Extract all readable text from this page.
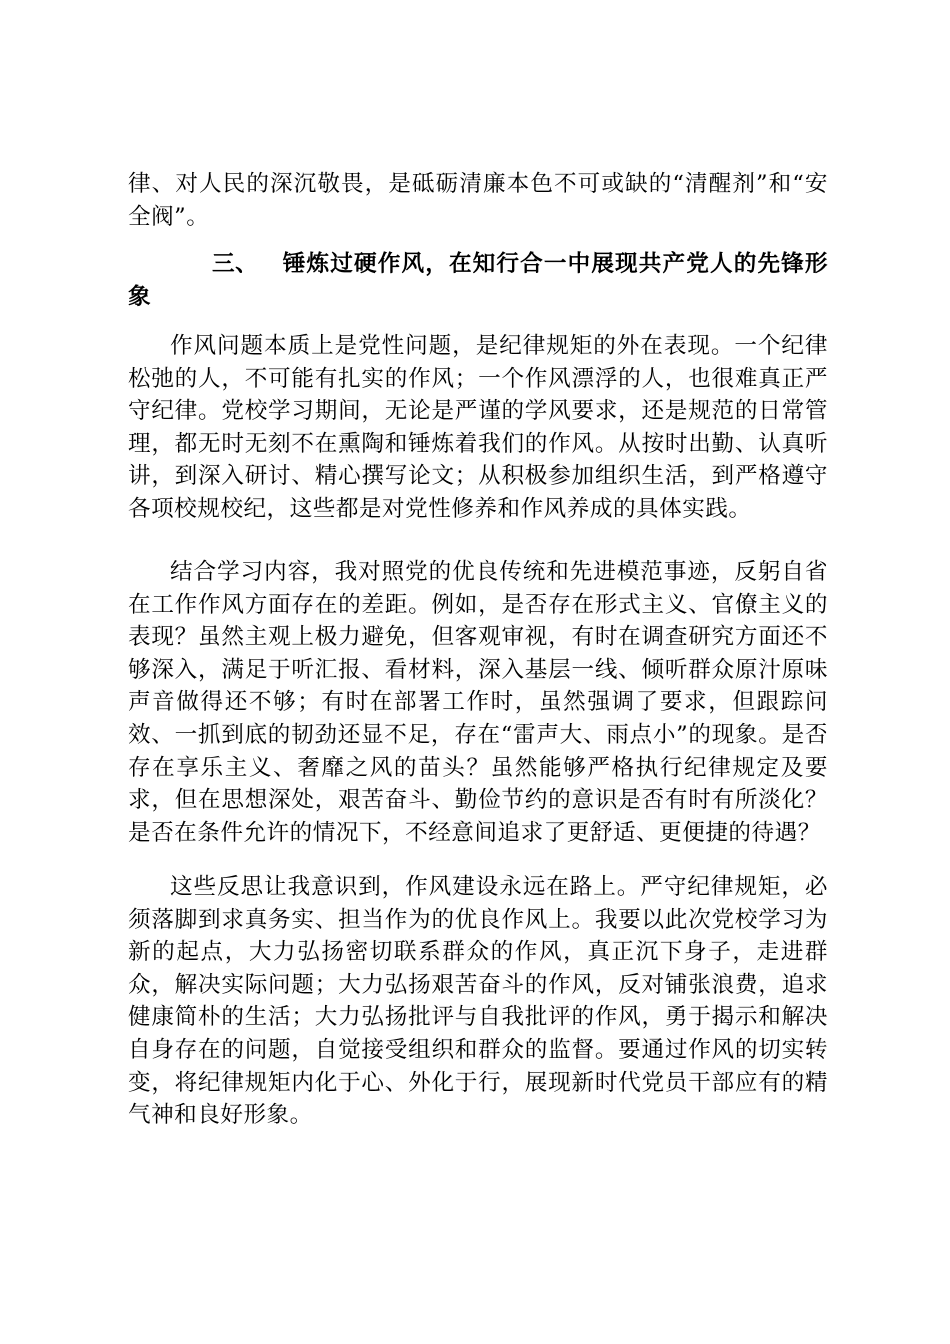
律、对人民的深沉敬畏，是砥砺清廉本色不可或缺的“清醒剂”和“安全阀”。

三、 锤炼过硬作风，在知行合一中展现共产党人的先锋形象

作风问题本质上是党性问题，是纪律规矩的外在表现。一个纪律松弛的人，不可能有扎实的作风；一个作风漂浮的人，也很难真正严守纪律。党校学习期间，无论是严谨的学风要求，还是规范的日常管理，都无时无刻不在熏陶和锤炼着我们的作风。从按时出勤、认真听讲，到深入研讨、精心撰写论文；从积极参加组织生活，到严格遵守各项校规校纪，这些都是对党性修养和作风养成的具体实践。

结合学习内容，我对照党的优良传统和先进模范事迹，反躬自省在工作作风方面存在的差距。例如，是否存在形式主义、官僚主义的表现？虽然主观上极力避免，但客观审视，有时在调查研究方面还不够深入，满足于听汇报、看材料，深入基层一线、倾听群众原汁原味声音做得还不够；有时在部署工作时，虽然强调了要求，但跟踪问效、一抓到底的韧劲还显不足，存在“雷声大、雨点小”的现象。是否存在享乐主义、奢靡之风的苗头？虽然能够严格执行纪律规定及要求，但在思想深处，艰苦奋斗、勤俭节约的意识是否有时有所淡化？是否在条件允许的情况下，不经意间追求了更舒适、更便捷的待遇？

这些反思让我意识到，作风建设永远在路上。严守纪律规矩，必须落脚到求真务实、担当作为的优良作风上。我要以此次党校学习为新的起点，大力弘扬密切联系群众的作风，真正沉下身子，走进群众，解决实际问题；大力弘扬艰苦奋斗的作风，反对铺张浪费，追求健康简朴的生活；大力弘扬批评与自我批评的作风，勇于揭示和解决自身存在的问题，自觉接受组织和群众的监督。要通过作风的切实转变，将纪律规矩内化于心、外化于行，展现新时代党员干部应有的精气神和良好形象。
